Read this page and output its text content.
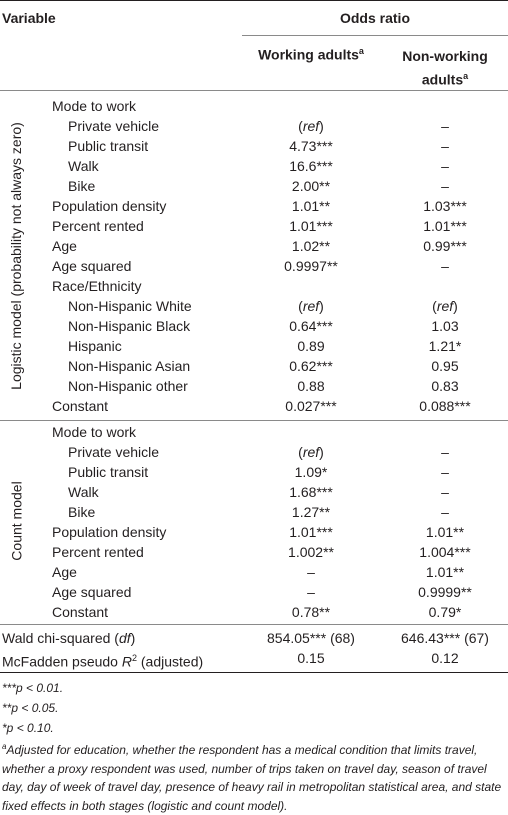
Variable	Odds ratio
Working adults$^a$	Non-working
adults$^a$
Logistic model (probability not always zero)
Mode to work
Private vehicle	(ref)	–
Public transit	4.73***	–
Walk	16.6***	–
Bike	2.00**	–
Population density	1.01**	1.03***
Percent rented	1.01***	1.01***
Age	1.02**	0.99***
Age squared	0.9997**	–
Race/Ethnicity
Non-Hispanic White	(ref)	(ref)
Non-Hispanic Black	0.64***	1.03
Hispanic	0.89	1.21*
Non-Hispanic Asian	0.62***	0.95
Non-Hispanic other	0.88	0.83
Constant	0.027***	0.088***
Count model
Mode to work
Private vehicle	(ref)	–
Public transit	1.09*	–
Walk	1.68***	–
Bike	1.27**	–
Population density	1.01***	1.01**
Percent rented	1.002**	1.004***
Age	–	1.01**
Age squared	–	0.9999**
Constant	0.78**	0.79*
Wald chi-squared (df)	854.05*** (68)	646.43*** (67)
McFadden pseudo $R^2$ (adjusted)	0.15	0.12
***p < 0.01.
**p < 0.05.
*p < 0.10.
$^a$Adjusted for education, whether the respondent has a medical condition that limits travel, whether a proxy respondent was used, number of trips taken on travel day, season of travel day, day of week of travel day, presence of heavy rail in metropolitan statistical area, and state fixed effects in both stages (logistic and count model).
